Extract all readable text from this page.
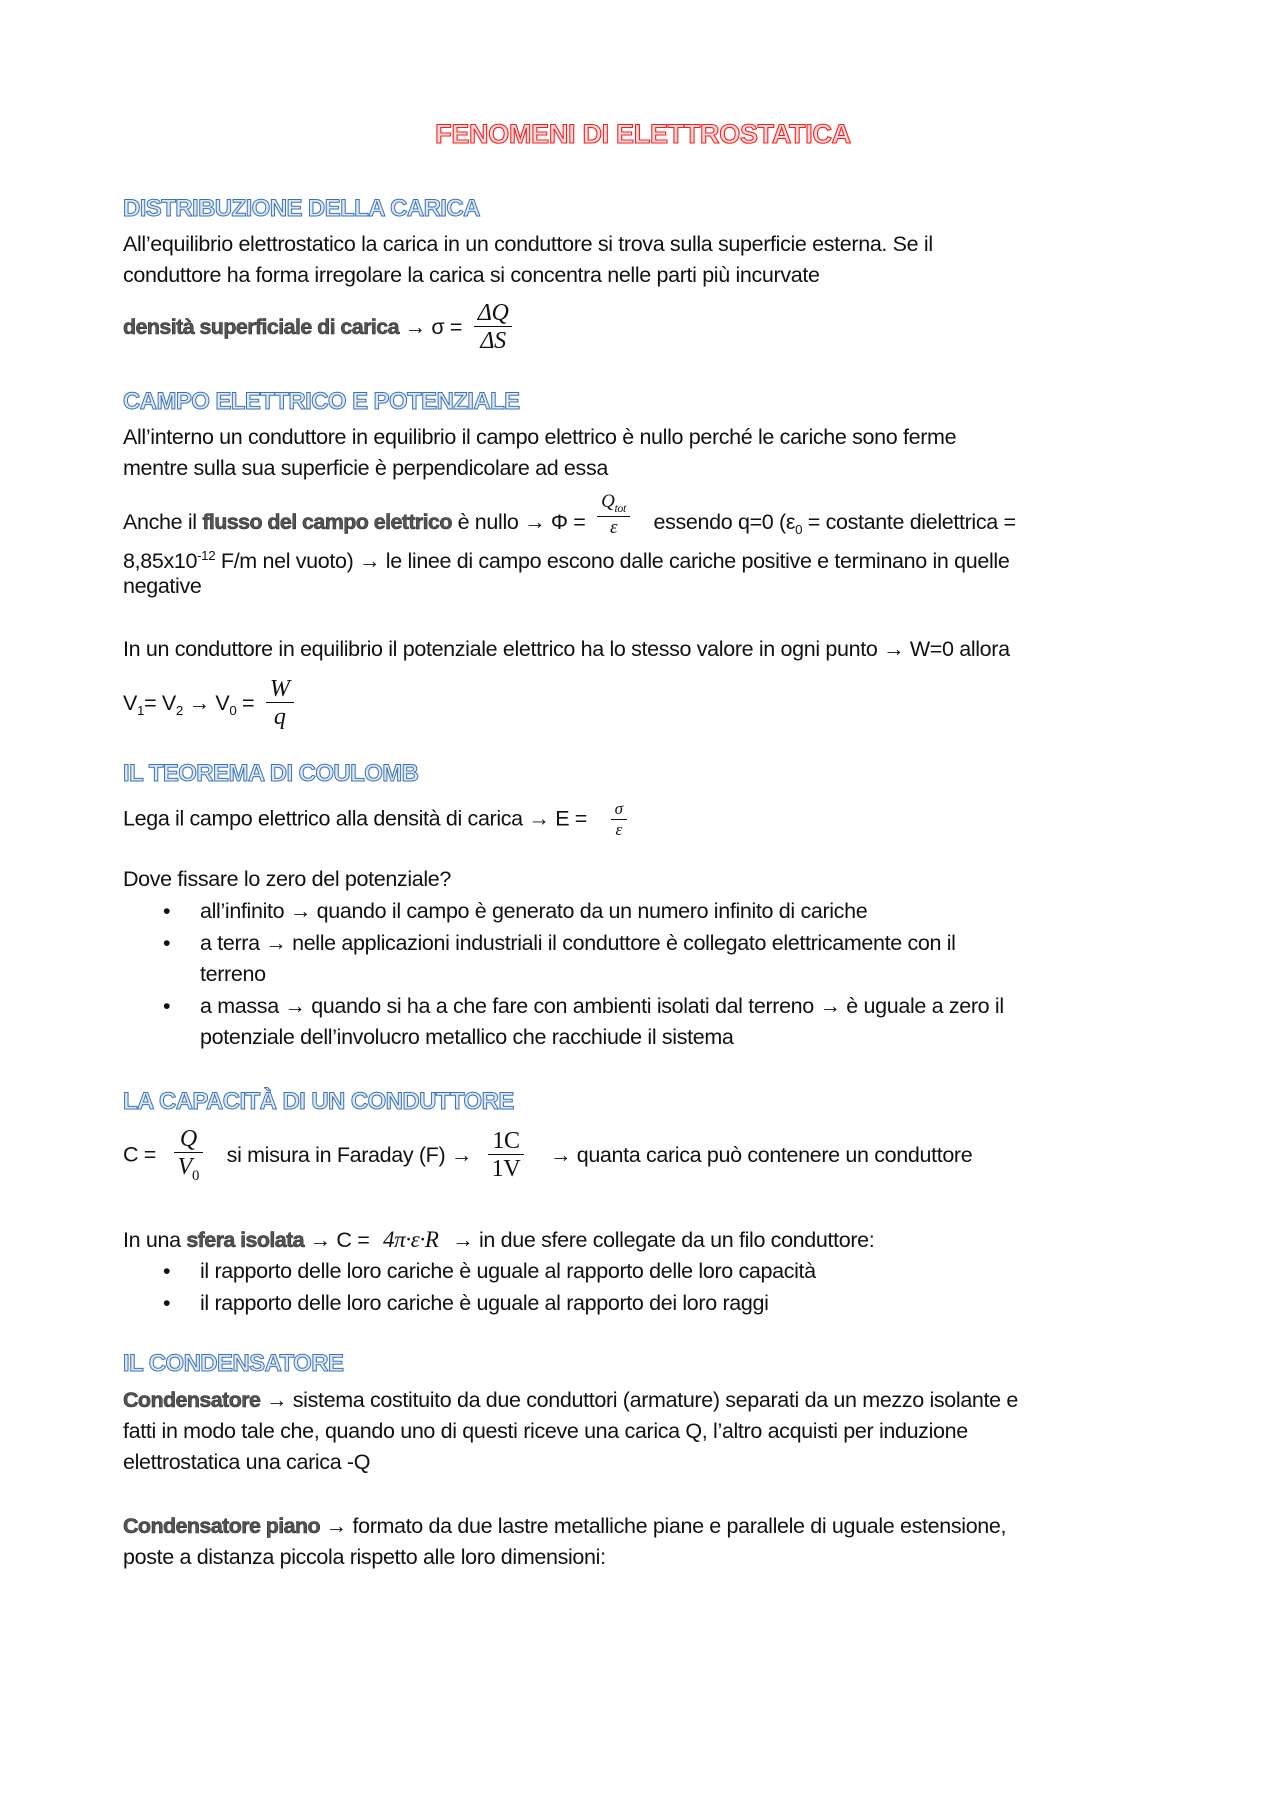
FENOMENI DI ELETTROSTATICA
DISTRIBUZIONE DELLA CARICA
All’equilibrio elettrostatico la carica in un conduttore si trova sulla superficie esterna. Se il
conduttore ha forma irregolare la carica si concentra nelle parti più incurvate
densità superficiale di carica → $\sigma = \frac{\Delta Q}{\Delta S}$
CAMPO ELETTRICO E POTENZIALE
All’interno un conduttore in equilibrio il campo elettrico è nullo perché le cariche sono ferme
mentre sulla sua superficie è perpendicolare ad essa
Anche il flusso del campo elettrico è nullo → $\Phi = \frac{Q_{tot}}{\varepsilon}$ essendo q=0 ($\varepsilon_0$ = costante dielettrica =
$8,85x10^{-12}$ F/m nel vuoto) → le linee di campo escono dalle cariche positive e terminano in quelle
negative
In un conduttore in equilibrio il potenziale elettrico ha lo stesso valore in ogni punto → W=0 allora
$V_1= V_2 \to V_0 = \frac{W}{q}$
IL TEOREMA DI COULOMB
Lega il campo elettrico alla densità di carica → $E = \frac{\sigma}{\varepsilon}$
Dove fissare lo zero del potenziale?
• all’infinito → quando il campo è generato da un numero infinito di cariche
• a terra → nelle applicazioni industriali il conduttore è collegato elettricamente con il
terreno
• a massa → quando si ha a che fare con ambienti isolati dal terreno → è uguale a zero il
potenziale dell’involucro metallico che racchiude il sistema
LA CAPACITÀ DI UN CONDUTTORE
$C = \frac{Q}{V_0}$ si misura in Faraday $(F) \to \frac{1C}{1V}$ → quanta carica può contenere un conduttore
In una sfera isolata → C = 4π·ε·R → in due sfere collegate da un filo conduttore:
• il rapporto delle loro cariche è uguale al rapporto delle loro capacità
• il rapporto delle loro cariche è uguale al rapporto dei loro raggi
IL CONDENSATORE
Condensatore → sistema costituito da due conduttori (armature) separati da un mezzo isolante e
fatti in modo tale che, quando uno di questi riceve una carica Q, l’altro acquisti per induzione
elettrostatica una carica -Q
Condensatore piano → formato da due lastre metalliche piane e parallele di uguale estensione,
poste a distanza piccola rispetto alle loro dimensioni:
